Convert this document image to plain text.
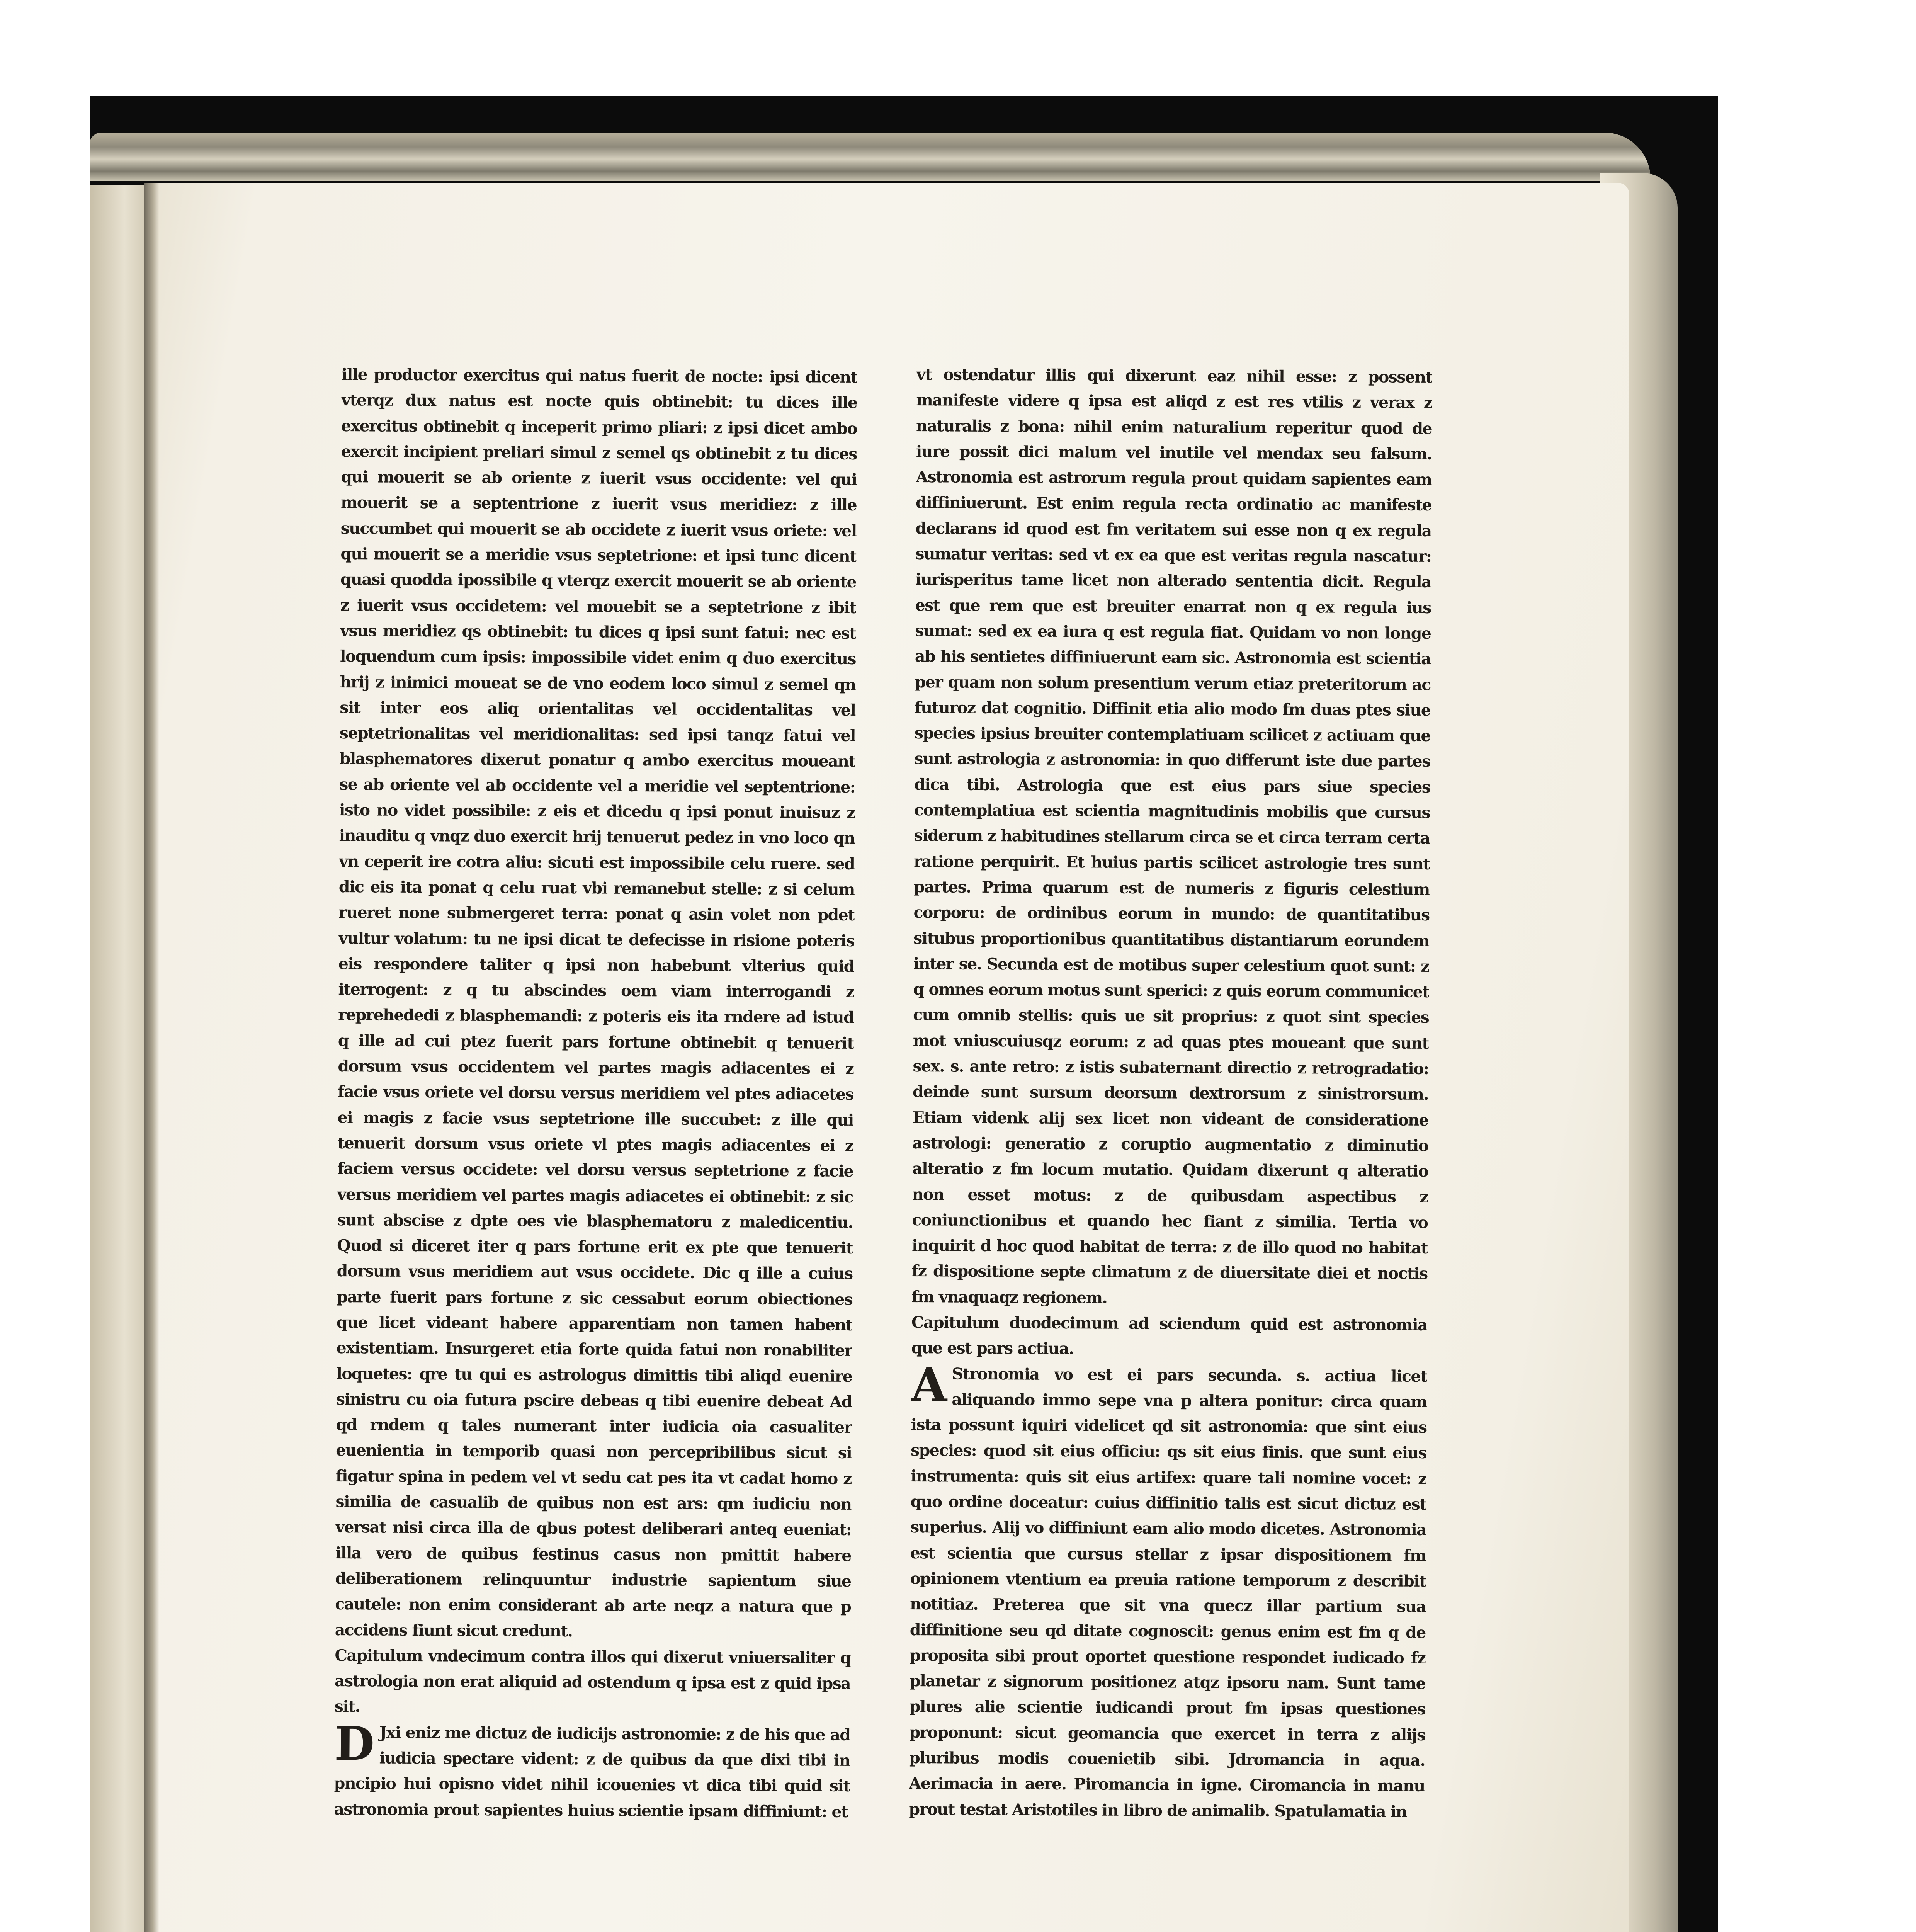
ille productor exercitus qui natus fuerit de nocte: ipsi dicent vterqz dux natus est nocte quis obtinebit: tu dices ille exercitus obtinebit q inceperit primo pliari: z ipsi dicet ambo exercit incipient preliari simul z semel qs obtinebit z tu dices qui mouerit se ab oriente z iuerit vsus occidente: vel qui mouerit se a septentrione z iuerit vsus meridiez: z ille succumbet qui mouerit se ab occidete z iuerit vsus oriete: vel qui mouerit se a meridie vsus septetrione: et ipsi tunc dicent quasi quodda ipossibile q vterqz exercit mouerit se ab oriente z iuerit vsus occidetem: vel mouebit se a septetrione z ibit vsus meridiez qs obtinebit: tu dices q ipsi sunt fatui: nec est loquendum cum ipsis: impossibile videt enim q duo exercitus hrij z inimici moueat se de vno eodem loco simul z semel qn sit inter eos aliq orientalitas vel occidentalitas vel septetrionalitas vel meridionalitas: sed ipsi tanqz fatui vel blasphematores dixerut ponatur q ambo exercitus moueant se ab oriente vel ab occidente vel a meridie vel septentrione: isto no videt possibile: z eis et dicedu q ipsi ponut inuisuz z inauditu q vnqz duo exercit hrij tenuerut pedez in vno loco qn vn ceperit ire cotra aliu: sicuti est impossibile celu ruere. sed dic eis ita ponat q celu ruat vbi remanebut stelle: z si celum rueret none submergeret terra: ponat q asin volet non pdet vultur volatum: tu ne ipsi dicat te defecisse in risione poteris eis respondere taliter q ipsi non habebunt vlterius quid iterrogent: z q tu abscindes oem viam interrogandi z reprehededi z blasphemandi: z poteris eis ita rndere ad istud q ille ad cui ptez fuerit pars fortune obtinebit q tenuerit dorsum vsus occidentem vel partes magis adiacentes ei z facie vsus oriete vel dorsu versus meridiem vel ptes adiacetes ei magis z facie vsus septetrione ille succubet: z ille qui tenuerit dorsum vsus oriete vl ptes magis adiacentes ei z faciem versus occidete: vel dorsu versus septetrione z facie versus meridiem vel partes magis adiacetes ei obtinebit: z sic sunt abscise z dpte oes vie blasphematoru z maledicentiu. Quod si diceret iter q pars fortune erit ex pte que tenuerit dorsum vsus meridiem aut vsus occidete. Dic q ille a cuius parte fuerit pars fortune z sic cessabut eorum obiectiones que licet videant habere apparentiam non tamen habent existentiam. Insurgeret etia forte quida fatui non ronabiliter loquetes: qre tu qui es astrologus dimittis tibi aliqd euenire sinistru cu oia futura pscire debeas q tibi euenire debeat Ad qd rndem q tales numerant inter iudicia oia casualiter euenientia in temporib quasi non percepribilibus sicut si figatur spina in pedem vel vt sedu cat pes ita vt cadat homo z similia de casualib de quibus non est ars: qm iudiciu non versat nisi circa illa de qbus potest deliberari anteq eueniat: illa vero de quibus festinus casus non pmittit habere deliberationem relinquuntur industrie sapientum siue cautele: non enim considerant ab arte neqz a natura que p accidens fiunt sicut credunt.

Capitulum vndecimum contra illos qui dixerut vniuersaliter q astrologia non erat aliquid ad ostendum q ipsa est z quid ipsa sit.

D Jxi eniz me dictuz de iudicijs astronomie: z de his que ad iudicia spectare vident: z de quibus da que dixi tibi in pncipio hui opisno videt nihil icouenies vt dica tibi quid sit astronomia prout sapientes huius scientie ipsam diffiniunt: et

vt ostendatur illis qui dixerunt eaz nihil esse: z possent manifeste videre q ipsa est aliqd z est res vtilis z verax z naturalis z bona: nihil enim naturalium reperitur quod de iure possit dici malum vel inutile vel mendax seu falsum. Astronomia est astrorum regula prout quidam sapientes eam diffiniuerunt. Est enim regula recta ordinatio ac manifeste declarans id quod est fm veritatem sui esse non q ex regula sumatur veritas: sed vt ex ea que est veritas regula nascatur: iurisperitus tame licet non alterado sententia dicit. Regula est que rem que est breuiter enarrat non q ex regula ius sumat: sed ex ea iura q est regula fiat. Quidam vo non longe ab his sentietes diffiniuerunt eam sic. Astronomia est scientia per quam non solum presentium verum etiaz preteritorum ac futuroz dat cognitio. Diffinit etia alio modo fm duas ptes siue species ipsius breuiter contemplatiuam scilicet z actiuam que sunt astrologia z astronomia: in quo differunt iste due partes dica tibi. Astrologia que est eius pars siue species contemplatiua est scientia magnitudinis mobilis que cursus siderum z habitudines stellarum circa se et circa terram certa ratione perquirit. Et huius partis scilicet astrologie tres sunt partes. Prima quarum est de numeris z figuris celestium corporu: de ordinibus eorum in mundo: de quantitatibus situbus proportionibus quantitatibus distantiarum eorundem inter se. Secunda est de motibus super celestium quot sunt: z q omnes eorum motus sunt sperici: z quis eorum communicet cum omnib stellis: quis ue sit proprius: z quot sint species mot vniuscuiusqz eorum: z ad quas ptes moueant que sunt sex. s. ante retro: z istis subaternant directio z retrogradatio: deinde sunt sursum deorsum dextrorsum z sinistrorsum. Etiam videnk alij sex licet non videant de consideratione astrologi: generatio z coruptio augmentatio z diminutio alteratio z fm locum mutatio. Quidam dixerunt q alteratio non esset motus: z de quibusdam aspectibus z coniunctionibus et quando hec fiant z similia. Tertia vo inquirit d hoc quod habitat de terra: z de illo quod no habitat fz dispositione septe climatum z de diuersitate diei et noctis fm vnaquaqz regionem.

Capitulum duodecimum ad sciendum quid est astronomia que est pars actiua.

A Stronomia vo est ei pars secunda. s. actiua licet aliquando immo sepe vna p altera ponitur: circa quam ista possunt iquiri videlicet qd sit astronomia: que sint eius species: quod sit eius officiu: qs sit eius finis. que sunt eius instrumenta: quis sit eius artifex: quare tali nomine vocet: z quo ordine doceatur: cuius diffinitio talis est sicut dictuz est superius. Alij vo diffiniunt eam alio modo dicetes. Astronomia est scientia que cursus stellar z ipsar dispositionem fm opinionem vtentium ea preuia ratione temporum z describit notitiaz. Preterea que sit vna quecz illar partium sua diffinitione seu qd ditate cognoscit: genus enim est fm q de proposita sibi prout oportet questione respondet iudicado fz planetar z signorum positionez atqz ipsoru nam. Sunt tame plures alie scientie iudicandi prout fm ipsas questiones proponunt: sicut geomancia que exercet in terra z alijs pluribus modis couenietib sibi. Jdromancia in aqua. Aerimacia in aere. Piromancia in igne. Ciromancia in manu prout testat Aristotiles in libro de animalib. Spatulamatia in
